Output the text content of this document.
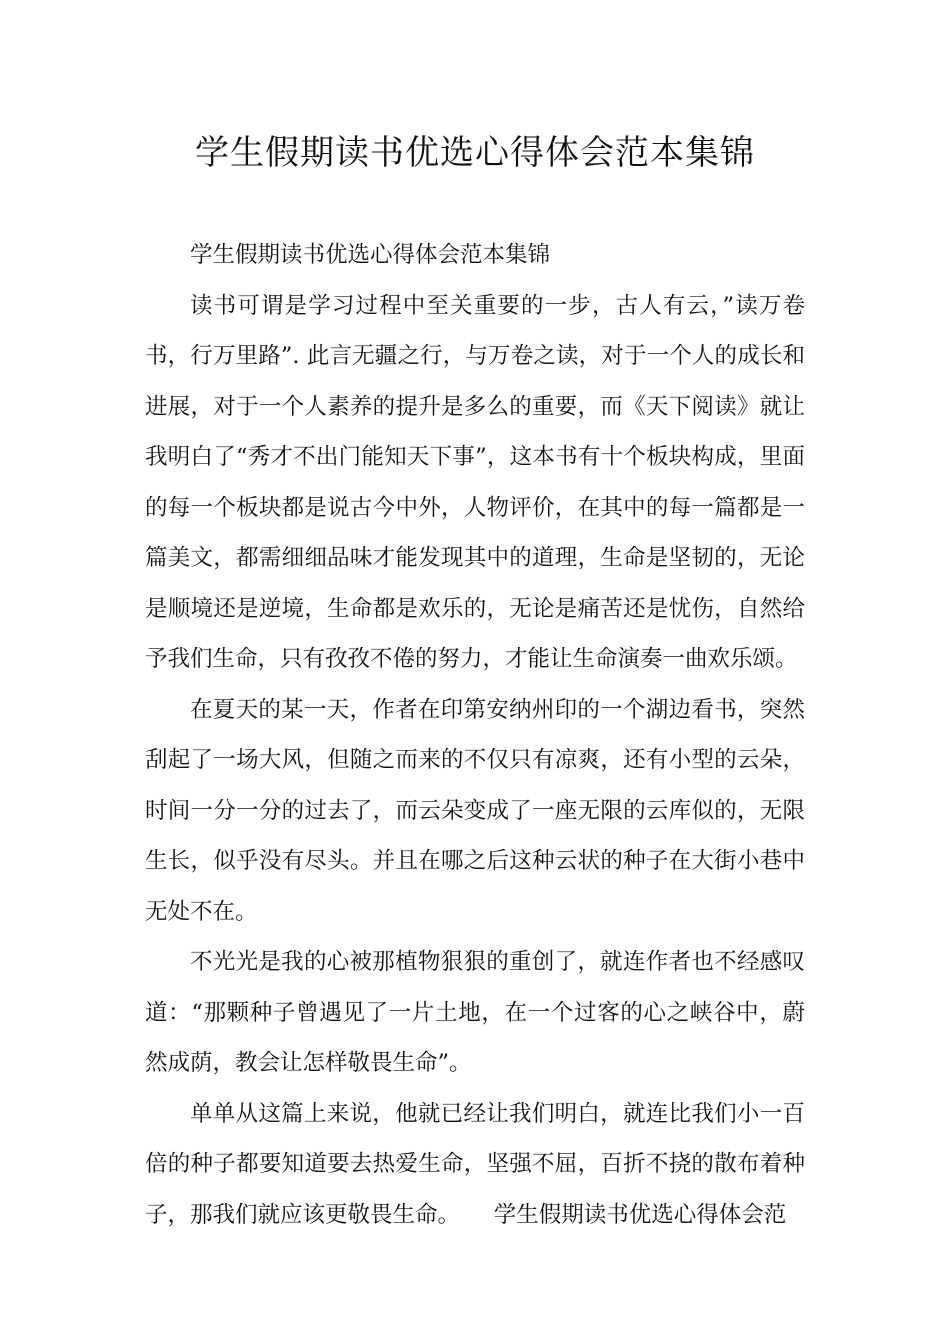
学生假期读书优选心得体会范本集锦

学生假期读书优选心得体会范本集锦

读书可谓是学习过程中至关重要的一步，古人有云，”读万卷书，行万里路”. 此言无疆之行，与万卷之读，对于一个人的成长和进展，对于一个人素养的提升是多么的重要，而《天下阅读》就让我明白了“秀才不出门能知天下事”，这本书有十个板块构成，里面的每一个板块都是说古今中外，人物评价，在其中的每一篇都是一篇美文，都需细细品味才能发现其中的道理，生命是坚韧的，无论是顺境还是逆境，生命都是欢乐的，无论是痛苦还是忧伤，自然给予我们生命，只有孜孜不倦的努力，才能让生命演奏一曲欢乐颂。

在夏天的某一天，作者在印第安纳州印的一个湖边看书，突然刮起了一场大风，但随之而来的不仅只有凉爽，还有小型的云朵，时间一分一分的过去了，而云朵变成了一座无限的云库似的，无限生长，似乎没有尽头。并且在哪之后这种云状的种子在大街小巷中无处不在。

不光光是我的心被那植物狠狠的重创了，就连作者也不经感叹道：“那颗种子曾遇见了一片土地，在一个过客的心之峡谷中，蔚然成荫，教会让怎样敬畏生命”。

单单从这篇上来说，他就已经让我们明白，就连比我们小一百倍的种子都要知道要去热爱生命，坚强不屈，百折不挠的散布着种子，那我们就应该更敬畏生命。　　学生假期读书优选心得体会范
